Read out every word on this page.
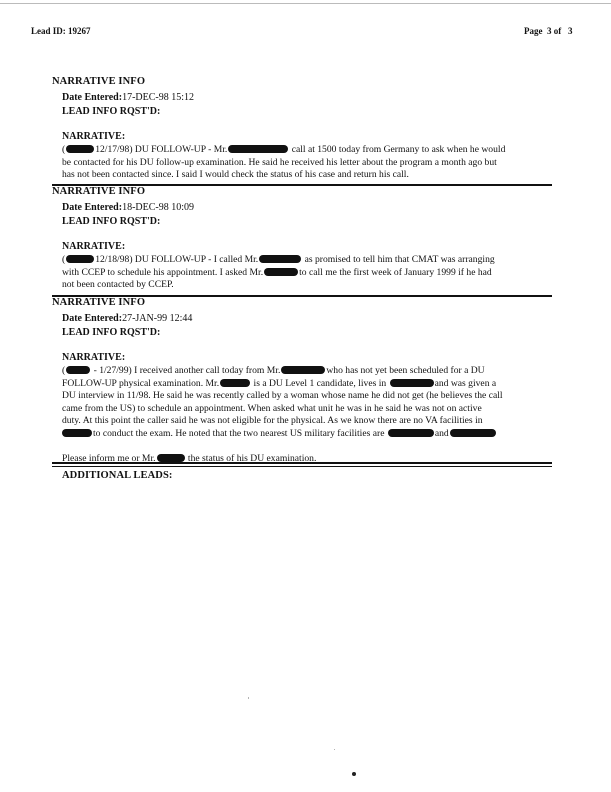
Lead ID: 19267	Page  3 of   3
NARRATIVE INFO
Date Entered:17-DEC-98 15:12
LEAD INFO RQST'D:
NARRATIVE:
(	12/17/98) DU FOLLOW-UP - Mr.	call at 1500 today from Germany to ask when he would
be contacted for his DU follow-up examination. He said he received his letter about the program a month ago but
has not been contacted since. I said I would check the status of his case and return his call.
NARRATIVE INFO
Date Entered:18-DEC-98 10:09
LEAD INFO RQST'D:
NARRATIVE:
(	12/18/98) DU FOLLOW-UP - I called Mr.	as promised to tell him that CMAT was arranging
with CCEP to schedule his appointment. I asked Mr.	to call me the first week of January 1999 if he had
not been contacted by CCEP.
NARRATIVE INFO
Date Entered:27-JAN-99 12:44
LEAD INFO RQST'D:
NARRATIVE:
(	- 1/27/99) I received another call today from Mr.	who has not yet been scheduled for a DU
FOLLOW-UP physical examination. Mr.	is a DU Level 1 candidate, lives in	and was given a
DU interview in 11/98. He said he was recently called by a woman whose name he did not get (he believes the call
came from the US) to schedule an appointment. When asked what unit he was in he said he was not on active
duty. At this point the caller said he was not eligible for the physical. As we know there are no VA facilities in
to conduct the exam. He noted that the two nearest US military facilities are	and
Please inform me or Mr.	the status of his DU examination.
ADDITIONAL LEADS:
